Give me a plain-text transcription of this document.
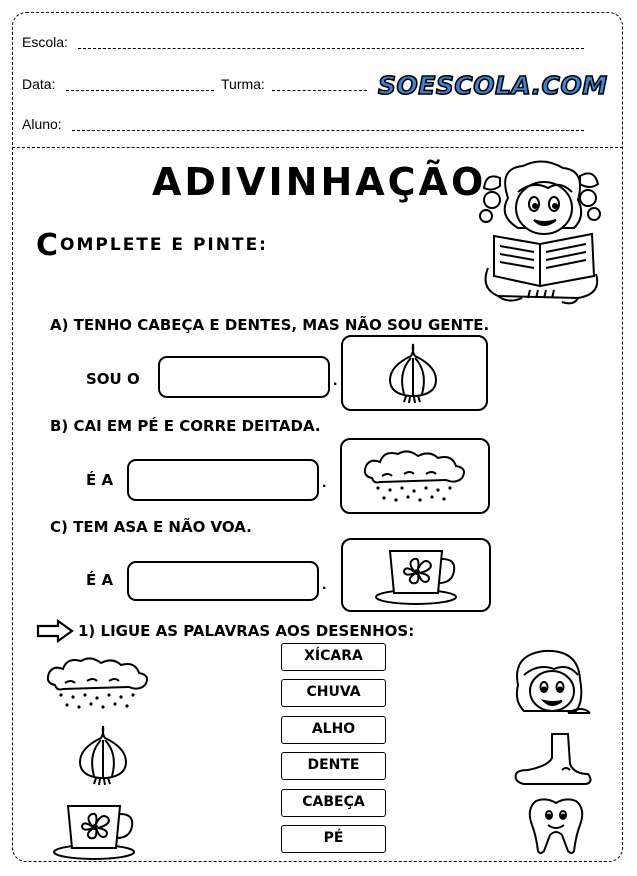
Escola:
Data:	Turma:	SOESCOLA.COM
Aluno:
ADIVINHAÇÃO
COMPLETE E PINTE:
A) TENHO CABEÇA E DENTES, MAS NÃO SOU GENTE.
SOU O	.
B) CAI EM PÉ E CORRE DEITADA.
É A	.
C) TEM ASA E NÃO VOA.
É A	.
1) LIGUE AS PALAVRAS AOS DESENHOS:
XÍCARA
CHUVA
ALHO
DENTE
CABEÇA
PÉ
